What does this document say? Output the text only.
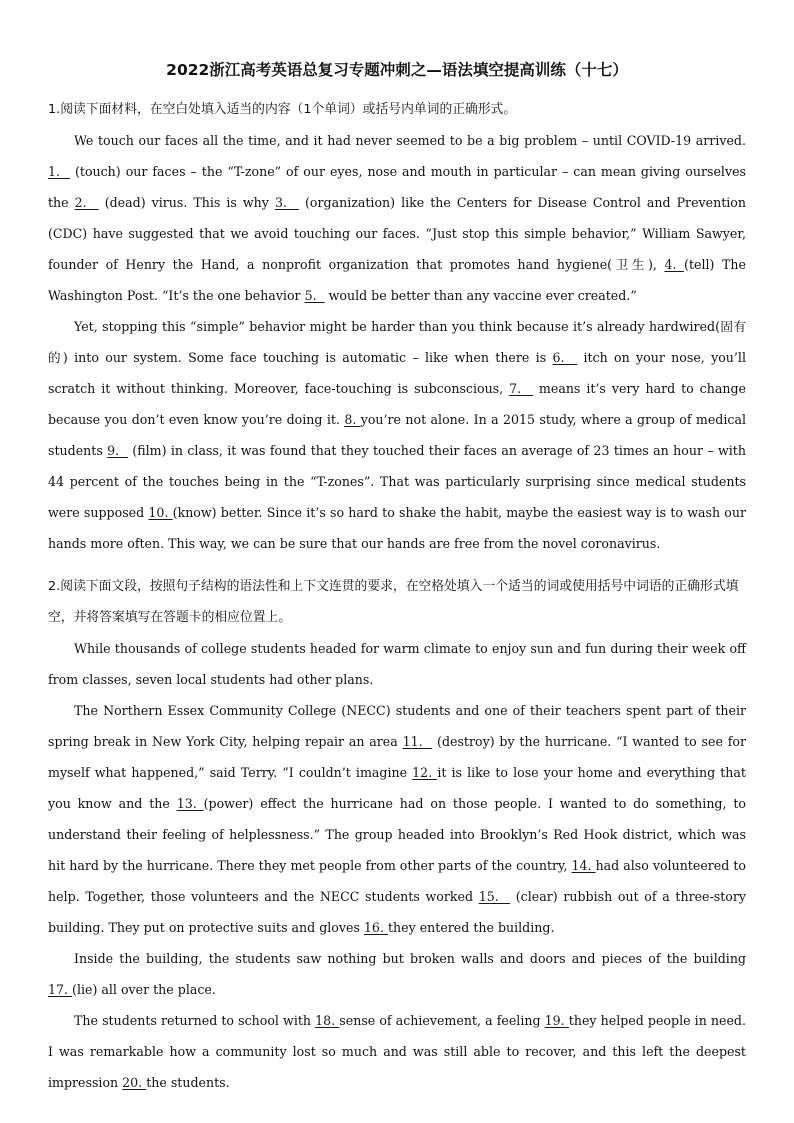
2022浙江高考英语总复习专题冲刺之—语法填空提高训练（十七）
1.阅读下面材料，在空白处填入适当的内容（1个单词）或括号内单词的正确形式。

We touch our faces all the time, and it had never seemed to be a big problem – until COVID-19 arrived. 1.   (touch) our faces – the “T-zone” of our eyes, nose and mouth in particular – can mean giving ourselves the 2.   (dead) virus. This is why 3.   (organization) like the Centers for Disease Control and Prevention (CDC) have suggested that we avoid touching our faces. “Just stop this simple behavior,” William Sawyer, founder of Henry the Hand, a nonprofit organization that promotes hand hygiene(卫生), 4. (tell) The Washington Post. “It’s the one behavior 5.   would be better than any vaccine ever created.”

Yet, stopping this “simple” behavior might be harder than you think because it’s already hardwired(固有的) into our system. Some face touching is automatic – like when there is 6.   itch on your nose, you’ll scratch it without thinking. Moreover, face-touching is subconscious, 7.   means it’s very hard to change because you don’t even know you’re doing it. 8. you’re not alone. In a 2015 study, where a group of medical students 9.   (film) in class, it was found that they touched their faces an average of 23 times an hour – with 44 percent of the touches being in the “T-zones”. That was particularly surprising since medical students were supposed 10. (know) better. Since it’s so hard to shake the habit, maybe the easiest way is to wash our hands more often. This way, we can be sure that our hands are free from the novel coronavirus.

2.阅读下面文段，按照句子结构的语法性和上下文连贯的要求，在空格处填入一个适当的词或使用括号中词语的正确形式填空，并将答案填写在答题卡的相应位置上。

While thousands of college students headed for warm climate to enjoy sun and fun during their week off from classes, seven local students had other plans.

The Northern Essex Community College (NECC) students and one of their teachers spent part of their spring break in New York City, helping repair an area 11.   (destroy) by the hurricane. “I wanted to see for myself what happened,” said Terry. “I couldn’t imagine 12. it is like to lose your home and everything that you know and the 13. (power) effect the hurricane had on those people. I wanted to do something, to understand their feeling of helplessness.” The group headed into Brooklyn’s Red Hook district, which was hit hard by the hurricane. There they met people from other parts of the country, 14. had also volunteered to help. Together, those volunteers and the NECC students worked 15.   (clear) rubbish out of a three-story building. They put on protective suits and gloves 16. they entered the building.

Inside the building, the students saw nothing but broken walls and doors and pieces of the building 17. (lie) all over the place.

The students returned to school with 18. sense of achievement, a feeling 19. they helped people in need. I was remarkable how a community lost so much and was still able to recover, and this left the deepest impression 20. the students.
